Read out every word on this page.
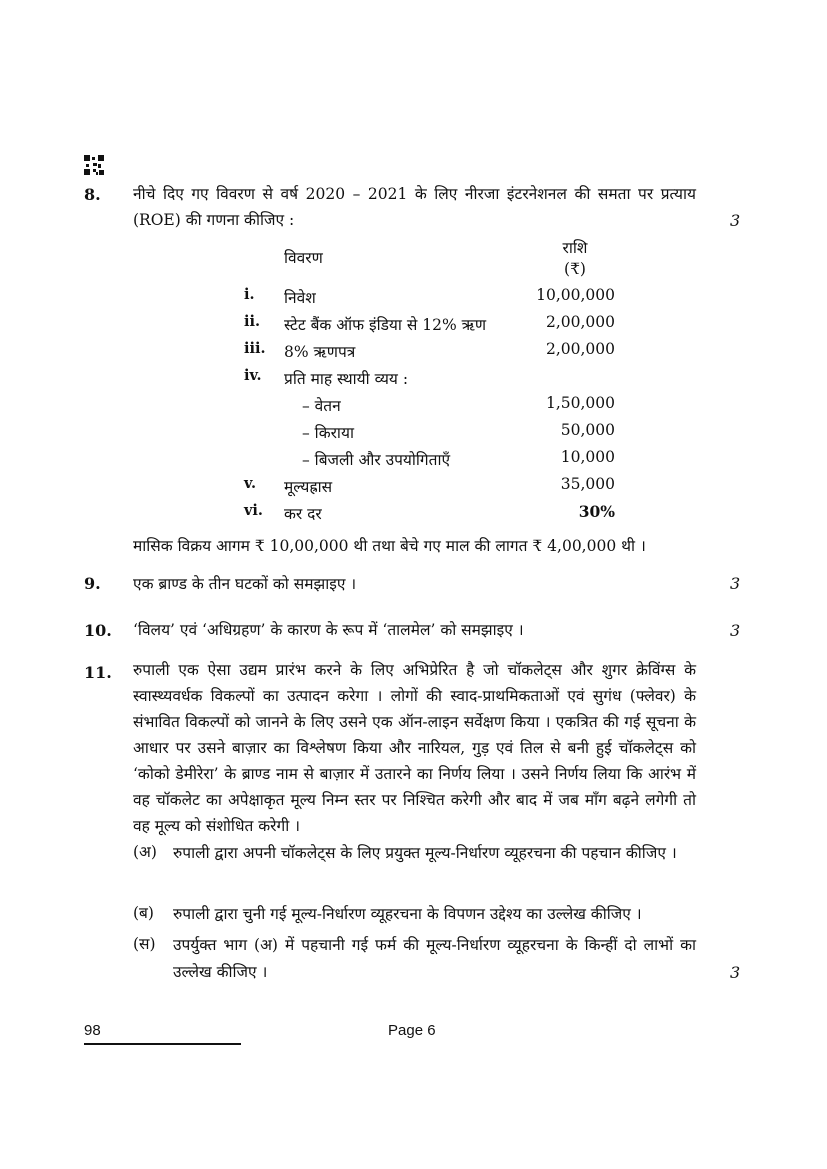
8. नीचे दिए गए विवरण से वर्ष 2020 – 2021 के लिए नीरजा इंटरनेशनल की समता पर प्रत्याय (ROE) की गणना कीजिए :	3
विवरण
राशि
(₹)
i. निवेश	10,00,000
ii. स्टेट बैंक ऑफ इंडिया से 12% ऋण	2,00,000
iii. 8% ऋणपत्र	2,00,000
iv. प्रति माह स्थायी व्यय :
– वेतन	1,50,000
– किराया	50,000
– बिजली और उपयोगिताएँ	10,000
v. मूल्यह्रास	35,000
vi. कर दर	30%
मासिक विक्रय आगम ₹ 10,00,000 थी तथा बेचे गए माल की लागत ₹ 4,00,000 थी ।
9. एक ब्राण्ड के तीन घटकों को समझाइए ।	3
10. ‘विलय’ एवं ‘अधिग्रहण’ के कारण के रूप में ‘तालमेल’ को समझाइए ।	3
11. रुपाली एक ऐसा उद्यम प्रारंभ करने के लिए अभिप्रेरित है जो चॉकलेट्स और शुगर क्रेविंग्स के स्वास्थ्यवर्धक विकल्पों का उत्पादन करेगा । लोगों की स्वाद-प्राथमिकताओं एवं सुगंध (फ्लेवर) के संभावित विकल्पों को जानने के लिए उसने एक ऑन-लाइन सर्वेक्षण किया । एकत्रित की गई सूचना के आधार पर उसने बाज़ार का विश्लेषण किया और नारियल, गुड़ एवं तिल से बनी हुई चॉकलेट्स को ‘कोको डेमीरेरा’ के ब्राण्ड नाम से बाज़ार में उतारने का निर्णय लिया । उसने निर्णय लिया कि आरंभ में वह चॉकलेट का अपेक्षाकृत मूल्य निम्न स्तर पर निश्चित करेगी और बाद में जब माँग बढ़ने लगेगी तो वह मूल्य को संशोधित करेगी ।
(अ) रुपाली द्वारा अपनी चॉकलेट्स के लिए प्रयुक्त मूल्य-निर्धारण व्यूहरचना की पहचान कीजिए ।
(ब) रुपाली द्वारा चुनी गई मूल्य-निर्धारण व्यूहरचना के विपणन उद्देश्य का उल्लेख कीजिए ।
(स) उपर्युक्त भाग (अ) में पहचानी गई फर्म की मूल्य-निर्धारण व्यूहरचना के किन्हीं दो लाभों का उल्लेख कीजिए ।	3
98	Page 6
